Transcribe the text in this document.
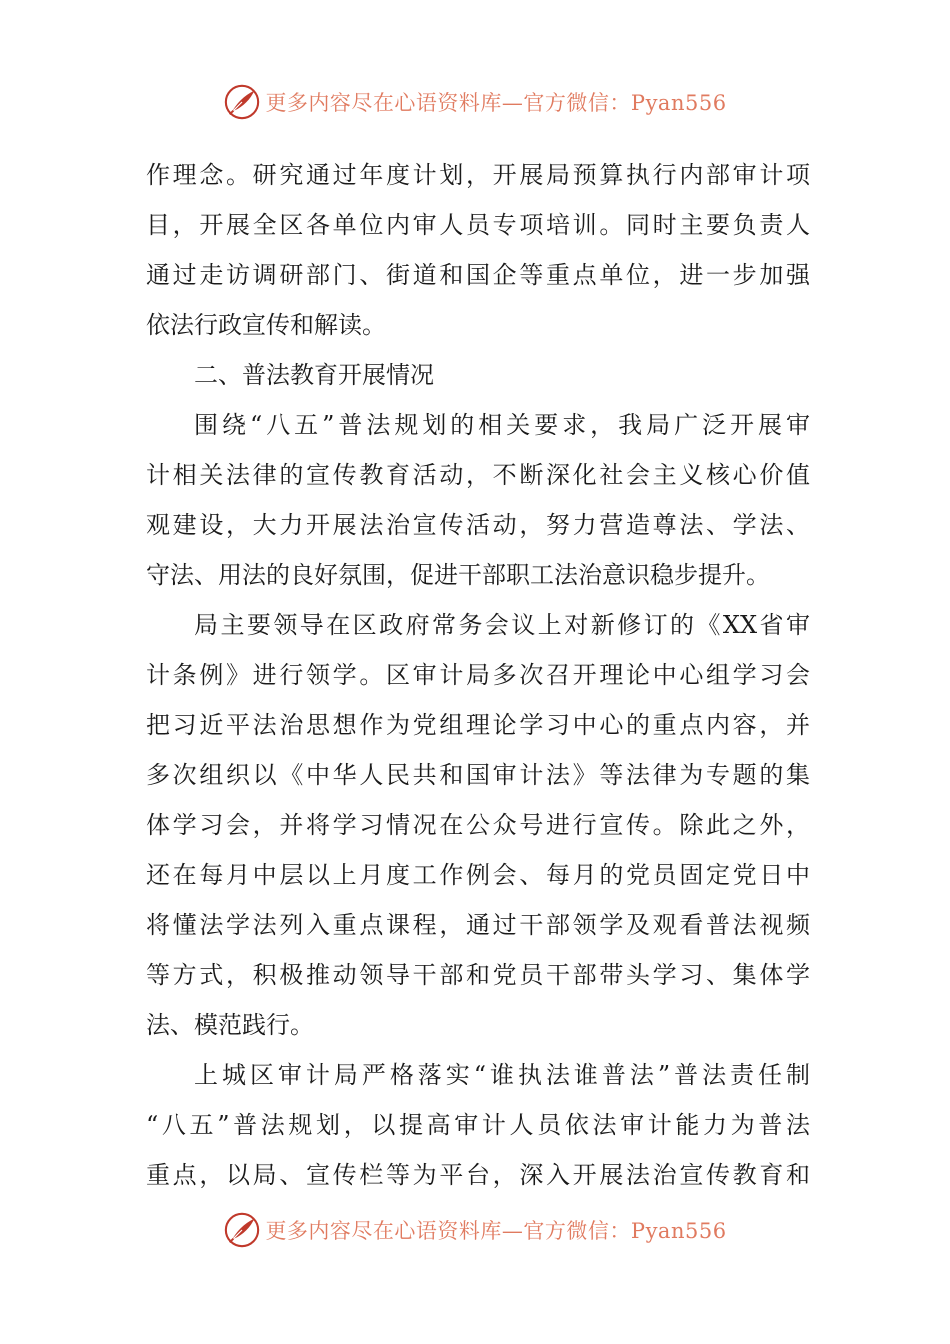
更多内容尽在心语资料库—官方微信：Pyan556
作理念。研究通过年度计划，开展局预算执行内部审计项
目，开展全区各单位内审人员专项培训。同时主要负责人
通过走访调研部门、街道和国企等重点单位，进一步加强
依法行政宣传和解读。
二、普法教育开展情况
围绕“八五”普法规划的相关要求，我局广泛开展审
计相关法律的宣传教育活动，不断深化社会主义核心价值
观建设，大力开展法治宣传活动，努力营造尊法、学法、
守法、用法的良好氛围，促进干部职工法治意识稳步提升。
局主要领导在区政府常务会议上对新修订的《XX省审
计条例》进行领学。区审计局多次召开理论中心组学习会
把习近平法治思想作为党组理论学习中心的重点内容，并
多次组织以《中华人民共和国审计法》等法律为专题的集
体学习会，并将学习情况在公众号进行宣传。除此之外，
还在每月中层以上月度工作例会、每月的党员固定党日中
将懂法学法列入重点课程，通过干部领学及观看普法视频
等方式，积极推动领导干部和党员干部带头学习、集体学
法、模范践行。
上城区审计局严格落实“谁执法谁普法”普法责任制
“八五”普法规划，以提高审计人员依法审计能力为普法
重点，以局、宣传栏等为平台，深入开展法治宣传教育和
更多内容尽在心语资料库—官方微信：Pyan556
